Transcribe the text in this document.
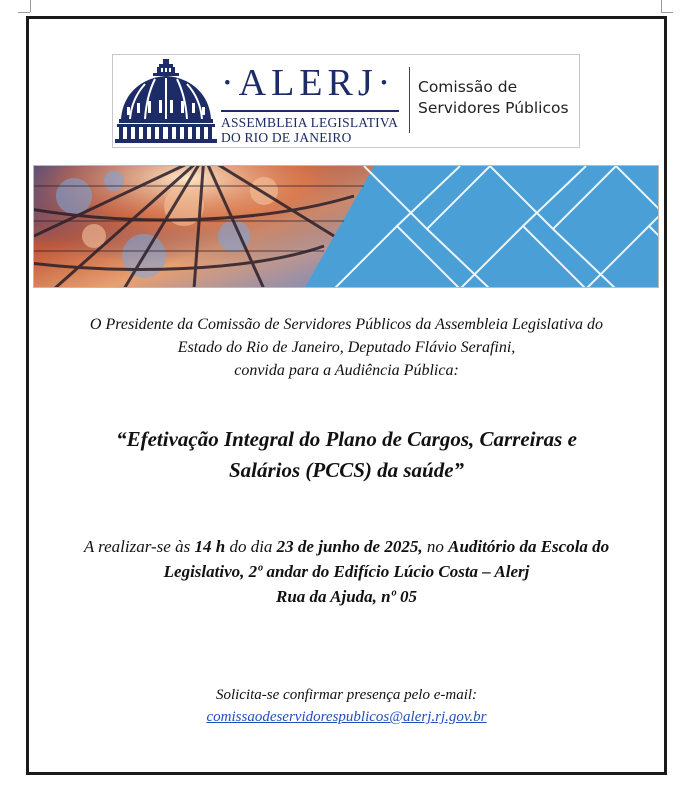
·ALERJ·
ASSEMBLEIA LEGISLATIVA
DO RIO DE JANEIRO
Comissão de
Servidores Públicos
O Presidente da Comissão de Servidores Públicos da Assembleia Legislativa do
Estado do Rio de Janeiro, Deputado Flávio Serafini,
convida para a Audiência Pública:
“Efetivação Integral do Plano de Cargos, Carreiras e
Salários (PCCS) da saúde”
A realizar-se às 14 h do dia 23 de junho de 2025, no Auditório da Escola do
Legislativo, 2º andar do Edifício Lúcio Costa – Alerj
Rua da Ajuda, nº 05
Solicita-se confirmar presença pelo e-mail:
comissaodeservidorespublicos@alerj.rj.gov.br
